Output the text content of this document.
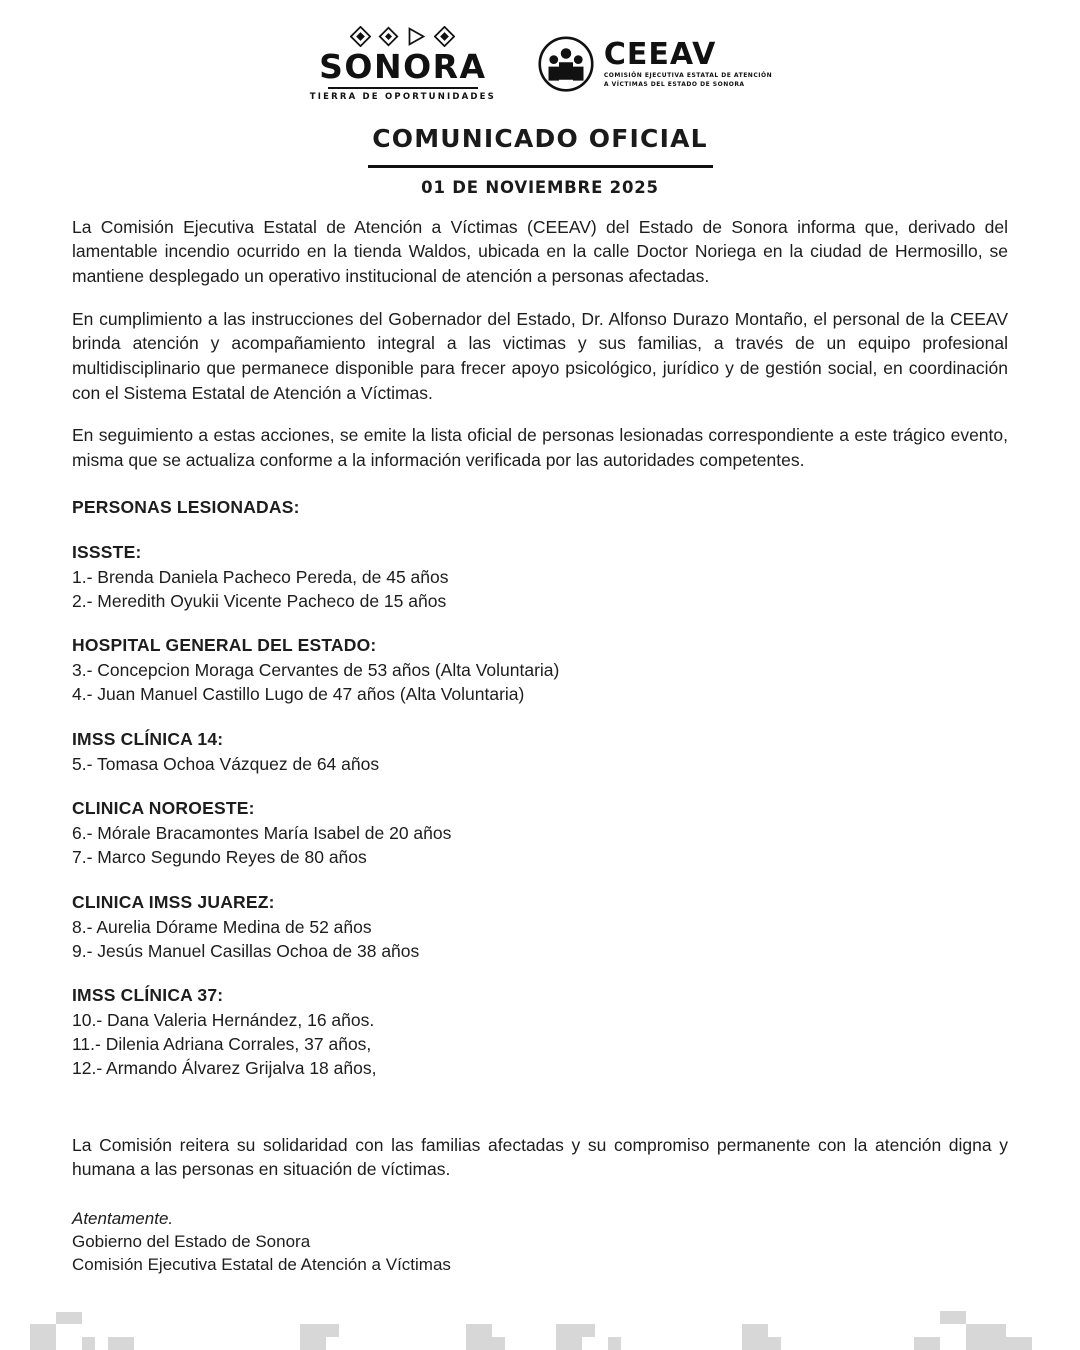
SONORA
TIERRA DE OPORTUNIDADES
CEEAV
COMISIÓN EJECUTIVA ESTATAL DE ATENCIÓN
A VÍCTIMAS DEL ESTADO DE SONORA
COMUNICADO OFICIAL
01 DE NOVIEMBRE 2025

La Comisión Ejecutiva Estatal de Atención a Víctimas (CEEAV) del Estado de Sonora informa que, derivado del lamentable incendio ocurrido en la tienda Waldos, ubicada en la calle Doctor Noriega en la ciudad de Hermosillo, se mantiene desplegado un operativo institucional de atención a personas afectadas.

En cumplimiento a las instrucciones del Gobernador del Estado, Dr. Alfonso Durazo Montaño, el personal de la CEEAV brinda atención y acompañamiento integral a las victimas y sus familias, a través de un equipo profesional multidisciplinario que permanece disponible para frecer apoyo psicológico, jurídico y de gestión social, en coordinación con el Sistema Estatal de Atención a Víctimas.

En seguimiento a estas acciones, se emite la lista oficial de personas lesionadas correspondiente a este trágico evento, misma que se actualiza conforme a la información verificada por las autoridades competentes.

PERSONAS LESIONADAS:
ISSSTE:
1.- Brenda Daniela Pacheco Pereda, de 45 años
2.- Meredith Oyukii Vicente Pacheco de 15 años
HOSPITAL GENERAL DEL ESTADO:
3.- Concepcion Moraga Cervantes de 53 años (Alta Voluntaria)
4.- Juan Manuel Castillo Lugo de 47 años (Alta Voluntaria)
IMSS CLÍNICA 14:
5.- Tomasa Ochoa Vázquez de 64 años
CLINICA NOROESTE:
6.- Mórale Bracamontes María Isabel de 20 años
7.- Marco Segundo Reyes de 80 años
CLINICA IMSS JUAREZ:
8.- Aurelia Dórame Medina de 52 años
9.- Jesús Manuel Casillas Ochoa de 38 años
IMSS CLÍNICA 37:
10.- Dana Valeria Hernández, 16 años.
11.- Dilenia Adriana Corrales, 37 años,
12.- Armando Álvarez Grijalva 18 años,

La Comisión reitera su solidaridad con las familias afectadas y su compromiso permanente con la atención digna y humana a las personas en situación de víctimas.

Atentamente.
Gobierno del Estado de Sonora
Comisión Ejecutiva Estatal de Atención a Víctimas
